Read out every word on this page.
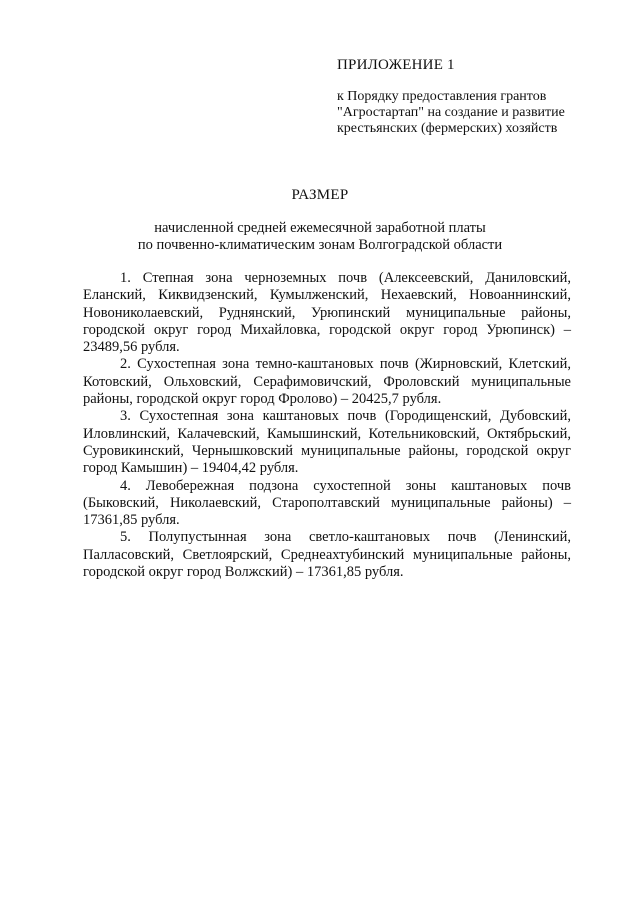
ПРИЛОЖЕНИЕ 1

к Порядку предоставления грантов
"Агростартап" на создание и развитие
крестьянских (фермерских) хозяйств

РАЗМЕР

начисленной средней ежемесячной заработной платы
по почвенно-климатическим зонам Волгоградской области

1. Степная зона черноземных почв (Алексеевский, Даниловский, Еланский, Киквидзенский, Кумылженский, Нехаевский, Новоаннинский, Новониколаевский, Руднянский, Урюпинский муниципальные районы, городской округ город Михайловка, городской округ город Урюпинск) – 23489,56 рубля.

2. Сухостепная зона темно-каштановых почв (Жирновский, Клетский, Котовский, Ольховский, Серафимовичский, Фроловский муниципальные районы, городской округ город Фролово) – 20425,7 рубля.

3. Сухостепная зона каштановых почв (Городищенский, Дубовский, Иловлинский, Калачевский, Камышинский, Котельниковский, Октябрьский, Суровикинский, Чернышковский муниципальные районы, городской округ город Камышин) – 19404,42 рубля.

4. Левобережная подзона сухостепной зоны каштановых почв (Быковский, Николаевский, Старополтавский муниципальные районы) – 17361,85 рубля.

5. Полупустынная зона светло-каштановых почв (Ленинский, Палласовский, Светлоярский, Среднеахтубинский муниципальные районы, городской округ город Волжский) – 17361,85 рубля.
